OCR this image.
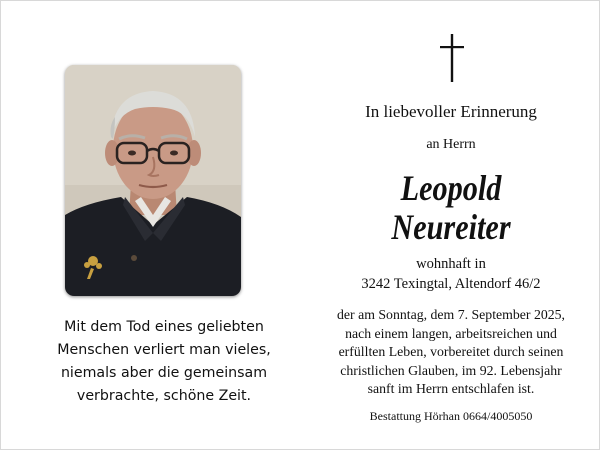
Mit dem Tod eines geliebten
Menschen verliert man vieles,
niemals aber die gemeinsam
verbrachte, schöne Zeit.
In liebevoller Erinnerung
an Herrn
Leopold
Neureiter
wohnhaft in
3242 Texingtal, Altendorf 46/2
der am Sonntag, dem 7. September 2025,
nach einem langen, arbeitsreichen und
erfüllten Leben, vorbereitet durch seinen
christlichen Glauben, im 92. Lebensjahr
sanft im Herrn entschlafen ist.
Bestattung Hörhan 0664/4005050
